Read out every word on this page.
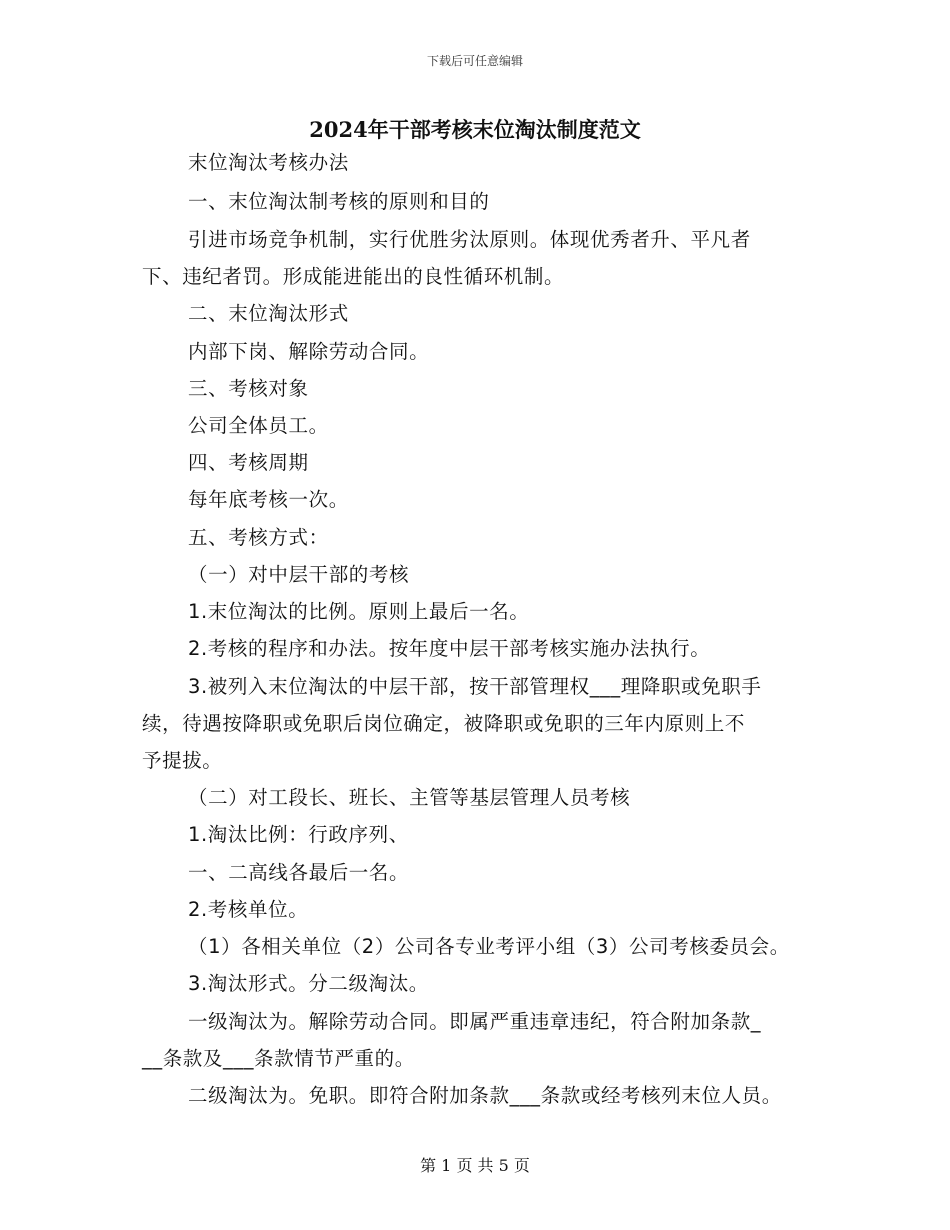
下载后可任意编辑
2024年干部考核末位淘汰制度范文

末位淘汰考核办法

一、末位淘汰制考核的原则和目的

引进市场竞争机制，实行优胜劣汰原则。体现优秀者升、平凡者

下、违纪者罚。形成能进能出的良性循环机制。

二、末位淘汰形式

内部下岗、解除劳动合同。

三、考核对象

公司全体员工。

四、考核周期

每年底考核一次。

五、考核方式：

（一）对中层干部的考核

1.末位淘汰的比例。原则上最后一名。

2.考核的程序和办法。按年度中层干部考核实施办法执行。

3.被列入末位淘汰的中层干部，按干部管理权___理降职或免职手

续，待遇按降职或免职后岗位确定，被降职或免职的三年内原则上不

予提拔。

（二）对工段长、班长、主管等基层管理人员考核

1.淘汰比例：行政序列、

一、二高线各最后一名。

2.考核单位。

（1）各相关单位（2）公司各专业考评小组（3）公司考核委员会。

3.淘汰形式。分二级淘汰。

一级淘汰为。解除劳动合同。即属严重违章违纪，符合附加条款_

__条款及___条款情节严重的。

二级淘汰为。免职。即符合附加条款___条款或经考核列末位人员。

第 1 页 共 5 页
